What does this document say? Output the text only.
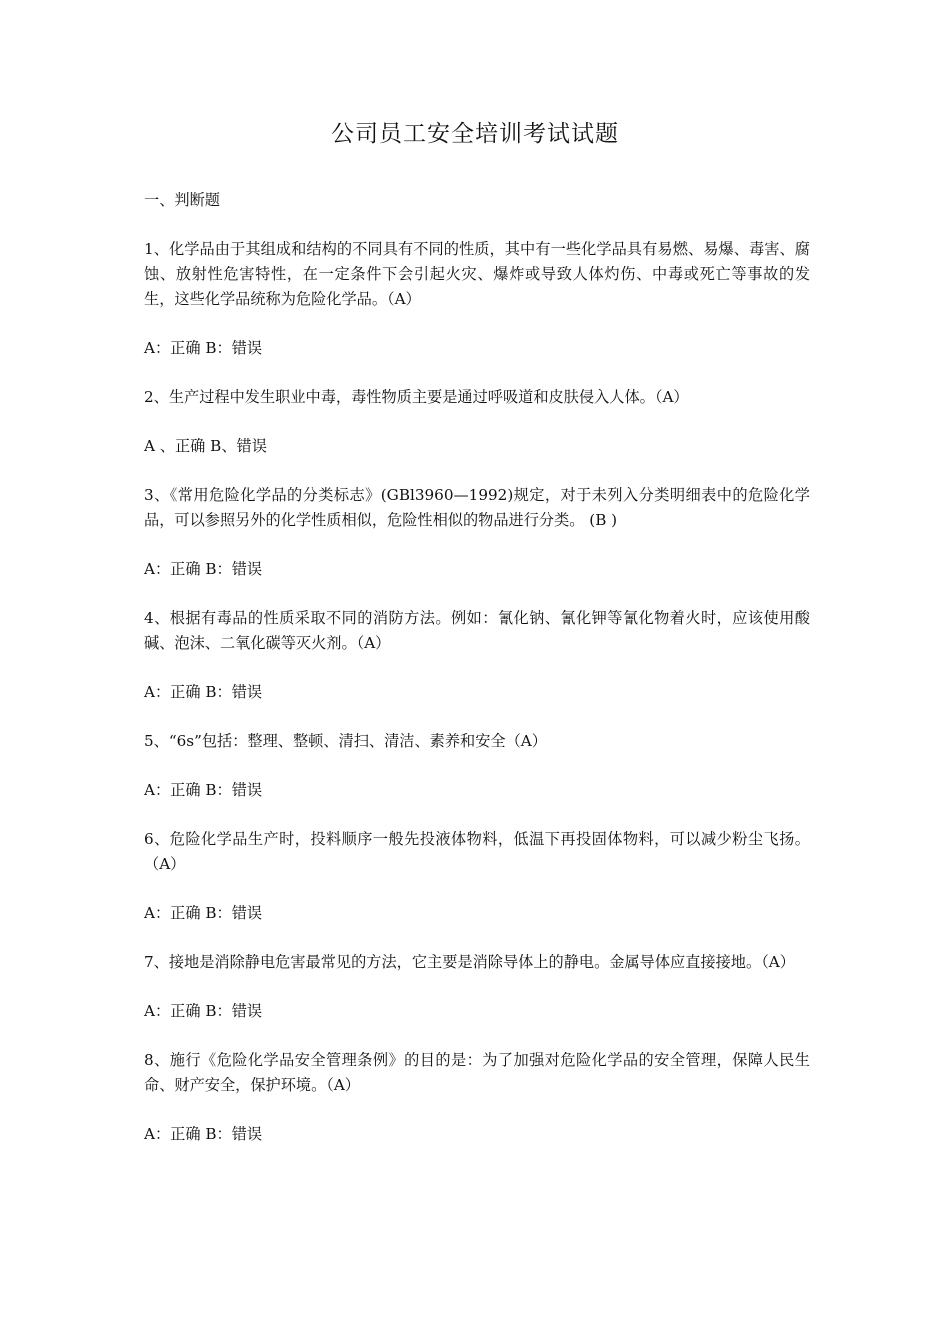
公司员工安全培训考试试题

一、判断题

1、化学品由于其组成和结构的不同具有不同的性质，其中有一些化学品具有易燃、易爆、毒害、腐蚀、放射性危害特性，在一定条件下会引起火灾、爆炸或导致人体灼伤、中毒或死亡等事故的发生，这些化学品统称为危险化学品。（A）

A：正确 B：错误

2、生产过程中发生职业中毒，毒性物质主要是通过呼吸道和皮肤侵入人体。（A）

A 、正确 B、错误

3、《常用危险化学品的分类标志》(GBl3960—1992)规定，对于未列入分类明细表中的危险化学品，可以参照另外的化学性质相似，危险性相似的物品进行分类。 (B )

A：正确 B：错误

4、根据有毒品的性质采取不同的消防方法。例如：氰化钠、氰化钾等氰化物着火时，应该使用酸碱、泡沫、二氧化碳等灭火剂。（A）

A：正确 B：错误

5、“6s”包括：整理、整顿、清扫、清洁、素养和安全（A）

A：正确 B：错误

6、危险化学品生产时，投料顺序一般先投液体物料，低温下再投固体物料，可以减少粉尘飞扬。（A）

A：正确 B：错误

7、接地是消除静电危害最常见的方法，它主要是消除导体上的静电。金属导体应直接接地。（A）

A：正确 B：错误

8、施行《危险化学品安全管理条例》的目的是：为了加强对危险化学品的安全管理，保障人民生命、财产安全，保护环境。（A）

A：正确 B：错误
